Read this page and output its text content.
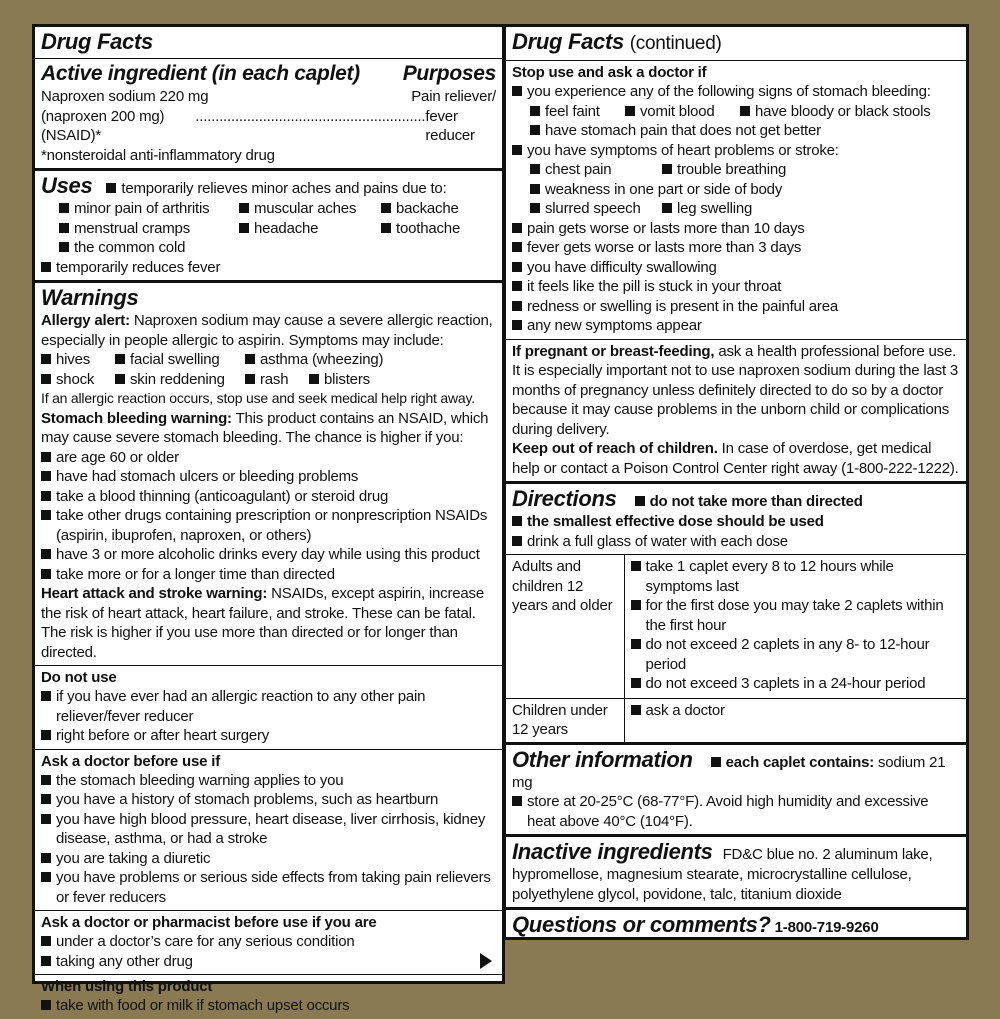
Drug Facts
Active ingredient (in each caplet) Purposes
Naproxen sodium 220 mg	Pain reliever/
(naproxen 200 mg) (NSAID)*
.......................................................... fever reducer
*nonsteroidal anti-inflammatory drug
Uses temporarily relieves minor aches and pains due to:
minor pain of arthritis	muscular aches	backache
menstrual cramps	headache	toothache
the common cold
temporarily reduces fever
Warnings
Allergy alert: Naproxen sodium may cause a severe allergic reaction, especially in people allergic to aspirin. Symptoms may include:
hives	facial swelling	asthma (wheezing)
shock	skin reddening	rash	blisters
If an allergic reaction occurs, stop use and seek medical help right away.
Stomach bleeding warning: This product contains an NSAID, which may cause severe stomach bleeding. The chance is higher if you:
are age 60 or older
have had stomach ulcers or bleeding problems
take a blood thinning (anticoagulant) or steroid drug
take other drugs containing prescription or nonprescription NSAIDs (aspirin, ibuprofen, naproxen, or others)
have 3 or more alcoholic drinks every day while using this product
take more or for a longer time than directed
Heart attack and stroke warning: NSAIDs, except aspirin, increase the risk of heart attack, heart failure, and stroke. These can be fatal. The risk is higher if you use more than directed or for longer than directed.
Do not use
if you have ever had an allergic reaction to any other pain reliever/fever reducer
right before or after heart surgery
Ask a doctor before use if
the stomach bleeding warning applies to you
you have a history of stomach problems, such as heartburn
you have high blood pressure, heart disease, liver cirrhosis, kidney disease, asthma, or had a stroke
you are taking a diuretic
you have problems or serious side effects from taking pain relievers or fever reducers
Ask a doctor or pharmacist before use if you are
under a doctor’s care for any serious condition
taking any other drug
When using this product
take with food or milk if stomach upset occurs
Drug Facts (continued)
Stop use and ask a doctor if
you experience any of the following signs of stomach bleeding:
feel faint	vomit blood	have bloody or black stools
have stomach pain that does not get better
you have symptoms of heart problems or stroke:
chest pain	trouble breathing
weakness in one part or side of body
slurred speech	leg swelling
pain gets worse or lasts more than 10 days
fever gets worse or lasts more than 3 days
you have difficulty swallowing
it feels like the pill is stuck in your throat
redness or swelling is present in the painful area
any new symptoms appear
If pregnant or breast-feeding, ask a health professional before use. It is especially important not to use naproxen sodium during the last 3 months of pregnancy unless definitely directed to do so by a doctor because it may cause problems in the unborn child or complications during delivery.
Keep out of reach of children. In case of overdose, get medical help or contact a Poison Control Center right away (1-800-222-1222).
Directions do not take more than directed
the smallest effective dose should be used
drink a full glass of water with each dose
Adults and children 12 years and older	take 1 caplet every 8 to 12 hours while symptoms last
for the first dose you may take 2 caplets within the first hour
do not exceed 2 caplets in any 8- to 12-hour period
do not exceed 3 caplets in a 24-hour period

Children under 12 years	ask a doctor
Other information each caplet contains: sodium 21 mg
store at 20-25°C (68-77°F). Avoid high humidity and excessive heat above 40°C (104°F).
Inactive ingredients FD&C blue no. 2 aluminum lake, hypromellose, magnesium stearate, microcrystalline cellulose, polyethylene glycol, povidone, talc, titanium dioxide
Questions or comments? 1-800-719-9260
